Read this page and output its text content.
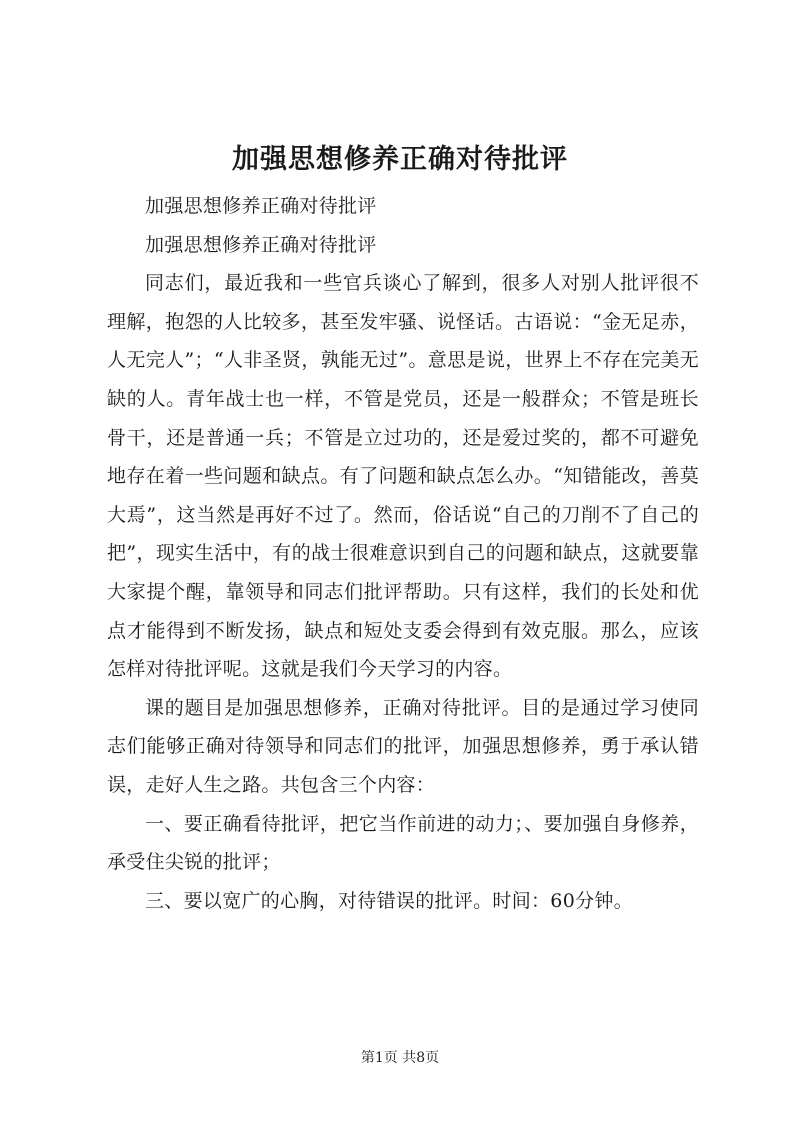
加强思想修养正确对待批评

加强思想修养正确对待批评

加强思想修养正确对待批评

同志们，最近我和一些官兵谈心了解到，很多人对别人批评很不理解，抱怨的人比较多，甚至发牢骚、说怪话。古语说：“金无足赤，人无完人”；“人非圣贤，孰能无过”。意思是说，世界上不存在完美无缺的人。青年战士也一样，不管是党员，还是一般群众；不管是班长骨干，还是普通一兵；不管是立过功的，还是爱过奖的，都不可避免地存在着一些问题和缺点。有了问题和缺点怎么办。“知错能改，善莫大焉”，这当然是再好不过了。然而，俗话说“自己的刀削不了自己的把”，现实生活中，有的战士很难意识到自己的问题和缺点，这就要靠大家提个醒，靠领导和同志们批评帮助。只有这样，我们的长处和优点才能得到不断发扬，缺点和短处支委会得到有效克服。那么，应该怎样对待批评呢。这就是我们今天学习的内容。

课的题目是加强思想修养，正确对待批评。目的是通过学习使同志们能够正确对待领导和同志们的批评，加强思想修养，勇于承认错误，走好人生之路。共包含三个内容：

一、要正确看待批评，把它当作前进的动力；、要加强自身修养，承受住尖锐的批评；

三、要以宽广的心胸，对待错误的批评。时间：60分钟。

第1页 共8页
